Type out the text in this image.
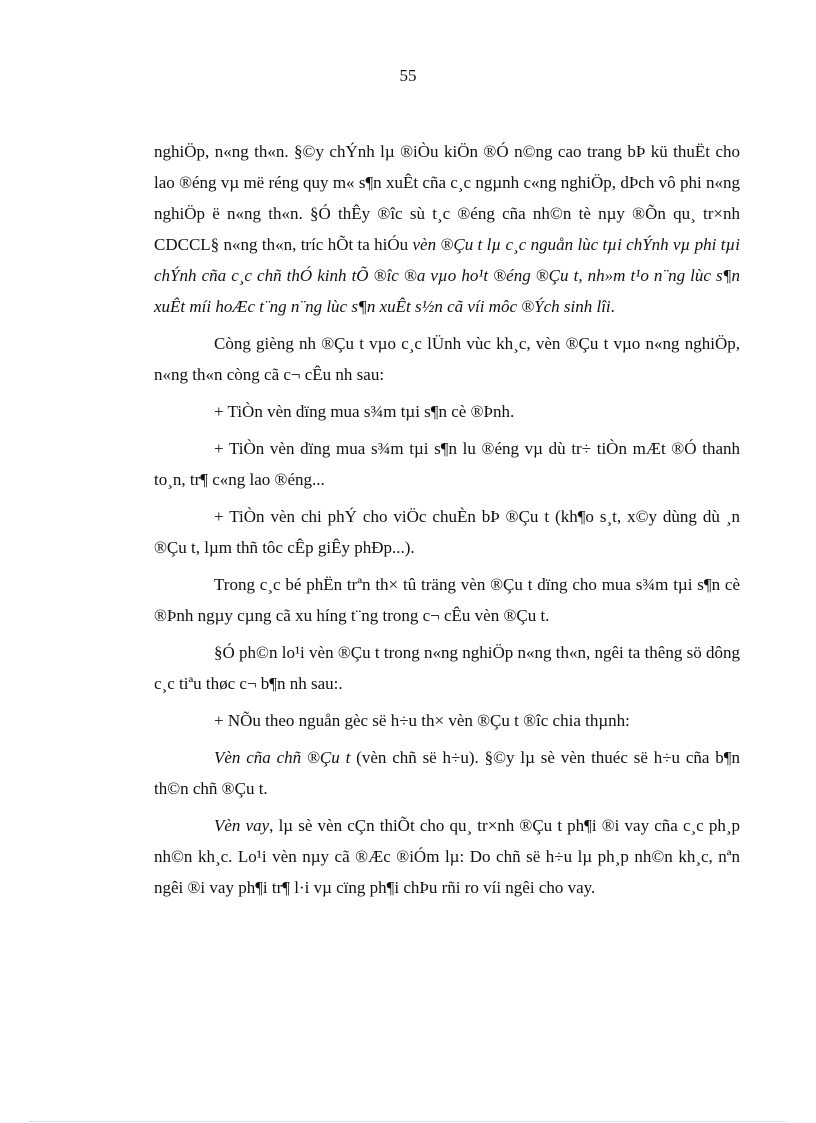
55

nghiÖp, n«ng th«n. §©y chÝnh lµ ®iÒu kiÖn ®Ó n©ng cao trang bÞ kü thuËt cho lao ®éng vµ më réng quy m« s¶n xuÊt cña c¸c ngµnh c«ng nghiÖp, dÞch vô phi n«ng nghiÖp ë n«ng th«n. §Ó thÊy ®îc sù t¸c ®éng cña nh©n tè nµy ®Õn qu¸ tr×nh CDCCL§ n«ng th«n, tríc hÕt ta hiÓu vèn ®Çu t lµ c¸c nguån lùc tµi chÝnh vµ phi tµi chÝnh cña c¸c chñ thÓ kinh tÕ ®îc ®a vµo ho¹t ®éng ®Çu t, nh»m t¹o n¨ng lùc s¶n xuÊt míi hoÆc t¨ng n¨ng lùc s¶n xuÊt s½n cã víi môc ®Ých sinh lîi.

Còng gièng nh ®Çu t vµo c¸c lÜnh vùc kh¸c, vèn ®Çu t vµo n«ng nghiÖp, n«ng th«n còng cã c¬ cÊu nh sau:

+ TiÒn vèn dïng mua s¾m tµi s¶n cè ®Þnh.

+ TiÒn vèn dïng mua s¾m tµi s¶n lu ®éng vµ dù tr÷ tiÒn mÆt ®Ó thanh to¸n, tr¶ c«ng lao ®éng...

+ TiÒn vèn chi phÝ cho viÖc chuÈn bÞ ®Çu t (kh¶o s¸t, x©y dùng dù ¸n ®Çu t, lµm thñ tôc cÊp giÊy phÐp...).

Trong c¸c bé phËn trªn th× tû träng vèn ®Çu t dïng cho mua s¾m tµi s¶n cè ®Þnh ngµy cµng cã xu híng t¨ng trong c¬ cÊu vèn ®Çu t.

§Ó ph©n lo¹i vèn ®Çu t trong n«ng nghiÖp n«ng th«n, ngêi ta thêng sö dông c¸c tiªu thøc c¬ b¶n nh sau:.

+ NÕu theo nguån gèc së h÷u th× vèn ®Çu t ®îc chia thµnh:

Vèn cña chñ ®Çu t (vèn chñ së h÷u). §©y lµ sè vèn thuéc së h÷u cña b¶n th©n chñ ®Çu t.

Vèn vay, lµ sè vèn cÇn thiÕt cho qu¸ tr×nh ®Çu t ph¶i ®i vay cña c¸c ph¸p nh©n kh¸c. Lo¹i vèn nµy cã ®Æc ®iÓm lµ: Do chñ së h÷u lµ ph¸p nh©n kh¸c, nªn ngêi ®i vay ph¶i tr¶ l·i vµ cïng ph¶i chÞu rñi ro víi ngêi cho vay.
